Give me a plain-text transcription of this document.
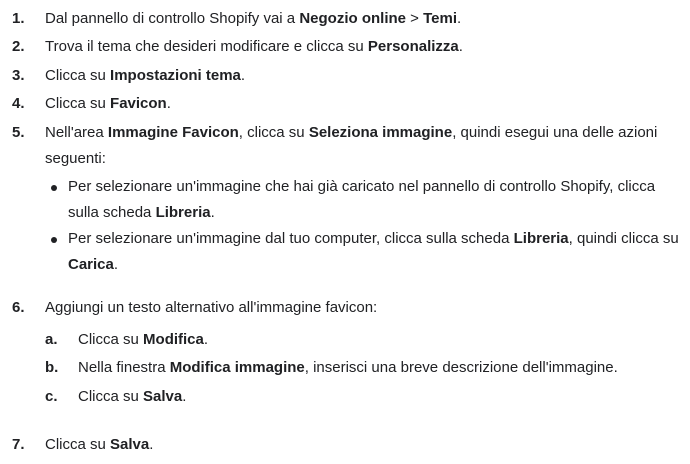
1. Dal pannello di controllo Shopify vai a Negozio online > Temi.
2. Trova il tema che desideri modificare e clicca su Personalizza.
3. Clicca su Impostazioni tema.
4. Clicca su Favicon.
5. Nell'area Immagine Favicon, clicca su Seleziona immagine, quindi esegui una delle azioni seguenti:
Per selezionare un'immagine che hai già caricato nel pannello di controllo Shopify, clicca sulla scheda Libreria.
Per selezionare un'immagine dal tuo computer, clicca sulla scheda Libreria, quindi clicca su Carica.
6. Aggiungi un testo alternativo all'immagine favicon:
a. Clicca su Modifica.
b. Nella finestra Modifica immagine, inserisci una breve descrizione dell'immagine.
c. Clicca su Salva.
7. Clicca su Salva.
